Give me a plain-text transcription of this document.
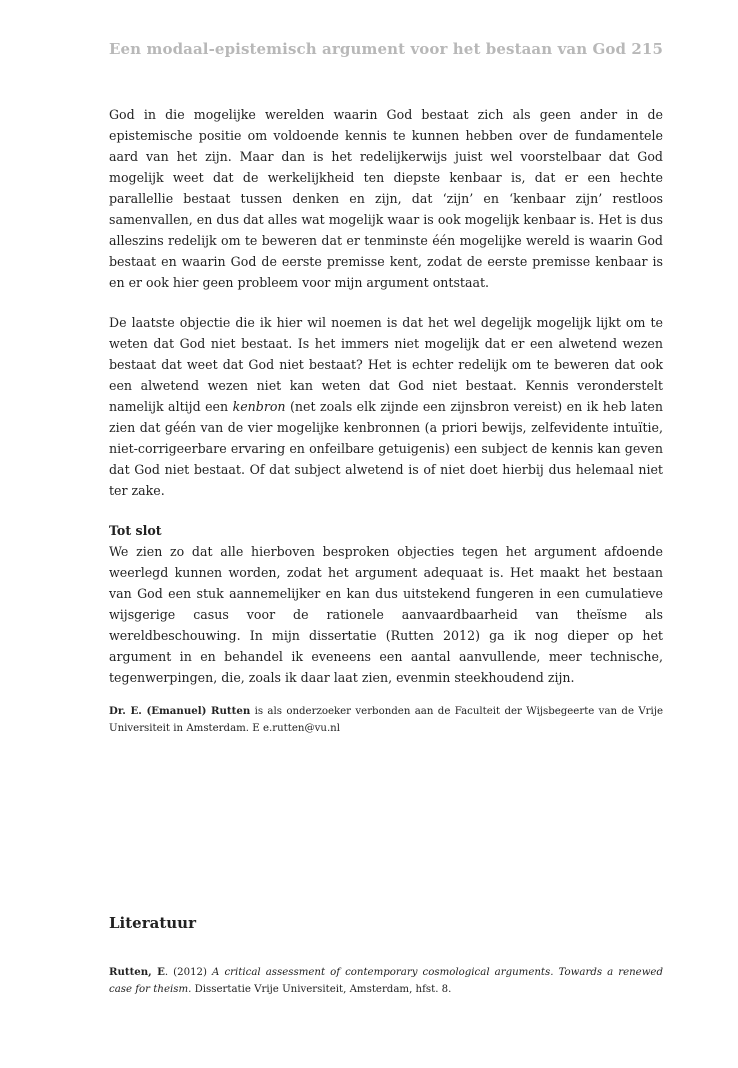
Een modaal-epistemisch argument voor het bestaan van God 215

God in die mogelijke werelden waarin God bestaat zich als geen ander in de epistemische positie om voldoende kennis te kunnen hebben over de fundamentele aard van het zijn. Maar dan is het redelijkerwijs juist wel voorstelbaar dat God mogelijk weet dat de werkelijkheid ten diepste kenbaar is, dat er een hechte parallellie bestaat tussen denken en zijn, dat ‘zijn’ en ‘kenbaar zijn’ restloos samenvallen, en dus dat alles wat mogelijk waar is ook mogelijk kenbaar is. Het is dus alleszins redelijk om te beweren dat er tenminste één mogelijke wereld is waarin God bestaat en waarin God de eerste premisse kent, zodat de eerste premisse kenbaar is en er ook hier geen probleem voor mijn argument ontstaat.

De laatste objectie die ik hier wil noemen is dat het wel degelijk mogelijk lijkt om te weten dat God niet bestaat. Is het immers niet mogelijk dat er een alwetend wezen bestaat dat weet dat God niet bestaat? Het is echter redelijk om te beweren dat ook een alwetend wezen niet kan weten dat God niet bestaat. Kennis veronderstelt namelijk altijd een kenbron (net zoals elk zijnde een zijnsbron vereist) en ik heb laten zien dat géén van de vier mogelijke kenbronnen (a priori bewijs, zelfevidente intuïtie, niet-corrigeerbare ervaring en onfeilbare getuigenis) een subject de kennis kan geven dat God niet bestaat. Of dat subject alwetend is of niet doet hierbij dus helemaal niet ter zake.

Tot slot

We zien zo dat alle hierboven besproken objecties tegen het argument afdoende weerlegd kunnen worden, zodat het argument adequaat is. Het maakt het bestaan van God een stuk aannemelijker en kan dus uitstekend fungeren in een cumulatieve wijsgerige casus voor de rationele aanvaardbaarheid van theïsme als wereldbeschouwing. In mijn dissertatie (Rutten 2012) ga ik nog dieper op het argument in en behandel ik eveneens een aantal aanvullende, meer technische, tegenwerpingen, die, zoals ik daar laat zien, evenmin steekhoudend zijn.

Dr. E. (Emanuel) Rutten is als onderzoeker verbonden aan de Faculteit der Wijsbegeerte van de Vrije Universiteit in Amsterdam. E e.rutten@vu.nl

Literatuur

Rutten, E. (2012) A critical assessment of contemporary cosmological arguments. Towards a renewed case for theism. Dissertatie Vrije Universiteit, Amsterdam, hfst. 8.
